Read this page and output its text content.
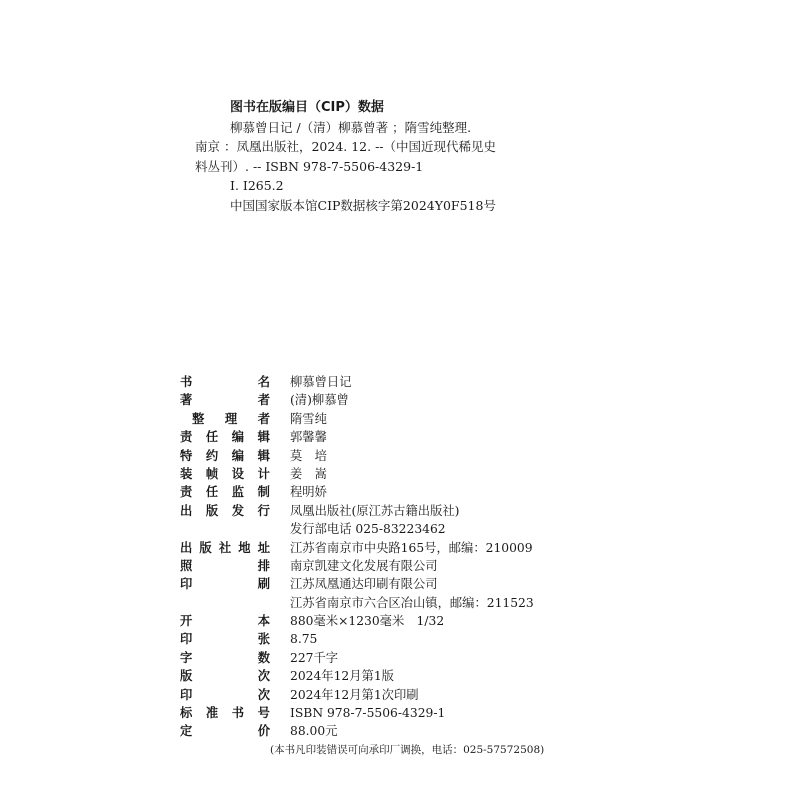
图书在版编目（CIP）数据
柳慕曾日记 /（清）柳慕曾著 ；隋雪纯整理.
南京 ：凤凰出版社，2024. 12. --（中国近现代稀见史
料丛刊）. -- ISBN 978-7-5506-4329-1
Ⅰ. I265.2
中国国家版本馆CIP数据核字第2024Y0F518号
书	名	柳慕曾日记
著	者	(清)柳慕曾
整 理 者	隋雪纯
责 任 编 辑	郭馨馨
特 约 编 辑	莫　培
装 帧 设 计	姜　嵩
责 任 监 制	程明娇
出 版 发 行	凤凰出版社(原江苏古籍出版社)
发行部电话 025-83223462
出 版 社 地 址	江苏省南京市中央路165号，邮编：210009
照	排	南京凯建文化发展有限公司
印	刷	江苏凤凰通达印刷有限公司
江苏省南京市六合区冶山镇，邮编：211523
开	本	880毫米×1230毫米　1/32
印	张	8.75
字	数	227千字
版	次	2024年12月第1版
印	次	2024年12月第1次印刷
标 准 书 号	ISBN 978-7-5506-4329-1
定	价	88.00元
(本书凡印装错误可向承印厂调换，电话：025-57572508)
